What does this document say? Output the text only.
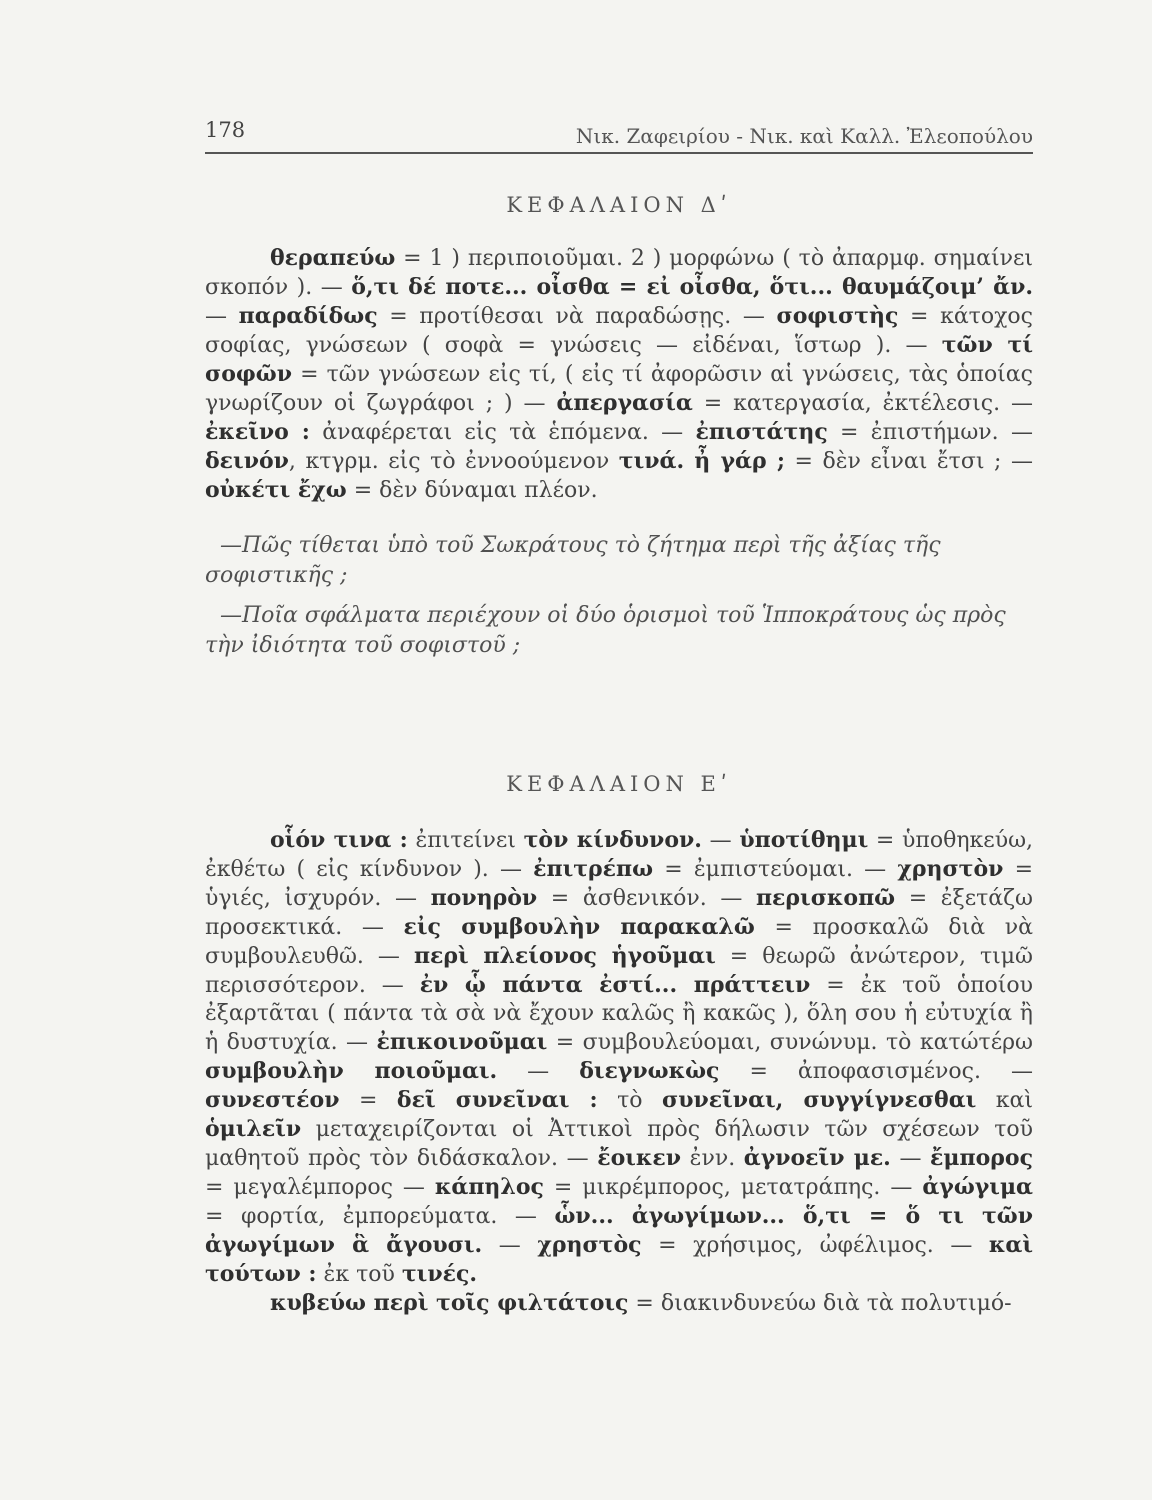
178	Νικ. Ζαφειρίου - Νικ. καὶ Καλλ. Ἐλεοπούλου
ΚΕΦΑΛΑΙΟΝ Δʹ

θεραπεύω = 1 ) περιποιοῦμαι. 2 ) μορφώνω ( τὸ ἀπαρμφ. σημαίνει σκοπόν ). — ὅ,τι δέ ποτε... οἶσθα = εἰ οἶσθα, ὅτι... θαυμάζοιμ’ ἄν. — παραδίδως = προτίθεσαι νὰ παραδώσῃς. — σοφιστὴς = κάτοχος σοφίας, γνώσεων ( σοφὰ = γνώσεις — εἰδέναι, ἵστωρ ). — τῶν τί σοφῶν = τῶν γνώσεων εἰς τί, ( εἰς τί ἀφορῶσιν αἱ γνώσεις, τὰς ὁποίας γνωρίζουν οἱ ζωγράφοι ; ) — ἀπεργασία = κατεργασία, ἐκτέλεσις. — ἐκεῖνο : ἀναφέρεται εἰς τὰ ἑπόμενα. — ἐπιστάτης = ἐπιστήμων. — δεινόν, κτγρμ. εἰς τὸ ἐννοούμενον τινά. ἦ γάρ ; = δὲν εἶναι ἔτσι ; — οὐκέτι ἔχω = δὲν δύναμαι πλέον.

—Πῶς τίθεται ὑπὸ τοῦ Σωκράτους τὸ ζήτημα περὶ τῆς ἀξίας τῆς σοφιστικῆς ;

—Ποῖα σφάλματα περιέχουν οἱ δύο ὁρισμοὶ τοῦ Ἱπποκράτους ὡς πρὸς τὴν ἰδιότητα τοῦ σοφιστοῦ ;

ΚΕΦΑΛΑΙΟΝ Εʹ

οἷόν τινα : ἐπιτείνει τὸν κίνδυνον. — ὑποτίθημι = ὑποθηκεύω, ἐκθέτω ( εἰς κίνδυνον ). — ἐπιτρέπω = ἐμπιστεύομαι. — χρηστὸν = ὑγιές, ἰσχυρόν. — πονηρὸν = ἀσθενικόν. — περισκοπῶ = ἐξετάζω προσεκτικά. — εἰς συμβουλὴν παρακαλῶ = προσκαλῶ διὰ νὰ συμβουλευθῶ. — περὶ πλείονος ἡγοῦμαι = θεωρῶ ἀνώτερον, τιμῶ περισσότερον. — ἐν ᾧ πάντα ἐστί... πράττειν = ἐκ τοῦ ὁποίου ἐξαρτᾶται ( πάντα τὰ σὰ νὰ ἔχουν καλῶς ἢ κακῶς ), ὅλη σου ἡ εὐτυχία ἢ ἡ δυστυχία. — ἐπικοινοῦμαι = συμβουλεύομαι, συνώνυμ. τὸ κατώτέρω συμβουλὴν ποιοῦμαι. — διεγνωκὼς = ἀποφασισμένος. — συνεστέον = δεῖ συνεῖναι : τὸ συνεῖναι, συγγίγνεσθαι καὶ ὁμιλεῖν μεταχειρίζονται οἱ Ἀττικοὶ πρὸς δήλωσιν τῶν σχέσεων τοῦ μαθητοῦ πρὸς τὸν διδάσκαλον. — ἔοικεν ἐνν. ἀγνοεῖν με. — ἔμπορος = μεγαλέμπορος — κάπηλος = μικρέμπορος, μετατράπης. — ἀγώγιμα = φορτία, ἐμπορεύματα. — ὧν... ἀγωγίμων... ὅ,τι = ὅ τι τῶν ἀγωγίμων ἃ ἄγουσι. — χρηστὸς = χρήσιμος, ὠφέλιμος. — καὶ τούτων : ἐκ τοῦ τινές.

κυβεύω περὶ τοῖς φιλτάτοις = διακινδυνεύω διὰ τὰ πολυτιμό-
